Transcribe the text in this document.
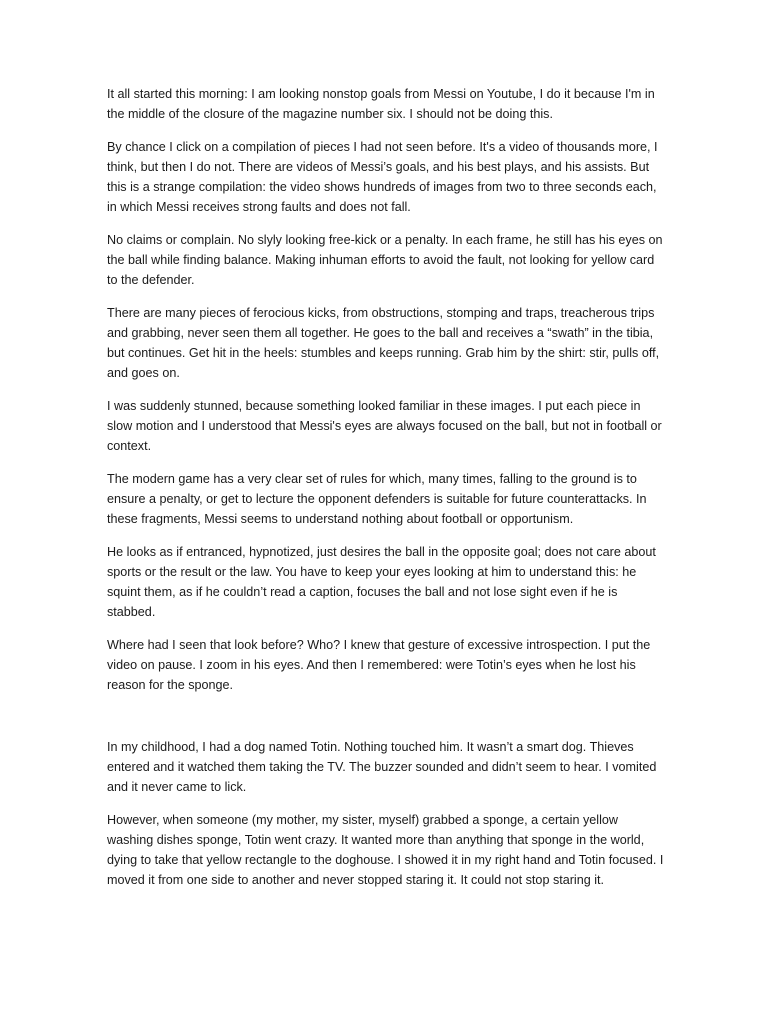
It all started this morning: I am looking nonstop goals from Messi on Youtube, I do it because I'm in the middle of the closure of the magazine number six. I should not be doing this.

By chance I click on a compilation of pieces I had not seen before. It's a video of thousands more, I think, but then I do not. There are videos of Messi’s goals, and his best plays, and his assists. But this is a strange compilation: the video shows hundreds of images from two to three seconds each, in which Messi receives strong faults and does not fall.

No claims or complain. No slyly looking free-kick or a penalty. In each frame, he still has his eyes on the ball while finding balance. Making inhuman efforts to avoid the fault, not looking for yellow card to the defender.

There are many pieces of ferocious kicks, from obstructions, stomping and traps, treacherous trips and grabbing, never seen them all together. He goes to the ball and receives a “swath” in the tibia, but continues. Get hit in the heels: stumbles and keeps running. Grab him by the shirt: stir, pulls off, and goes on.

I was suddenly stunned, because something looked familiar in these images. I put each piece in slow motion and I understood that Messi's eyes are always focused on the ball, but not in football or context.

The modern game has a very clear set of rules for which, many times, falling to the ground is to ensure a penalty, or get to lecture the opponent defenders is suitable for future counterattacks. In these fragments, Messi seems to understand nothing about football or opportunism.

He looks as if entranced, hypnotized, just desires the ball in the opposite goal; does not care about sports or the result or the law. You have to keep your eyes looking at him to understand this: he squint them, as if he couldn’t read a caption, focuses the ball and not lose sight even if he is stabbed.

Where had I seen that look before? Who? I knew that gesture of excessive introspection. I put the video on pause. I zoom in his eyes. And then I remembered: were Totin’s eyes when he lost his reason for the sponge.

In my childhood, I had a dog named Totin. Nothing touched him. It wasn’t a smart dog. Thieves entered and it watched them taking the TV. The buzzer sounded and didn’t seem to hear. I vomited and it never came to lick.

However, when someone (my mother, my sister, myself) grabbed a sponge, a certain yellow washing dishes sponge, Totin went crazy. It wanted more than anything that sponge in the world, dying to take that yellow rectangle to the doghouse. I showed it in my right hand and Totin focused. I moved it from one side to another and never stopped staring it. It could not stop staring it.
